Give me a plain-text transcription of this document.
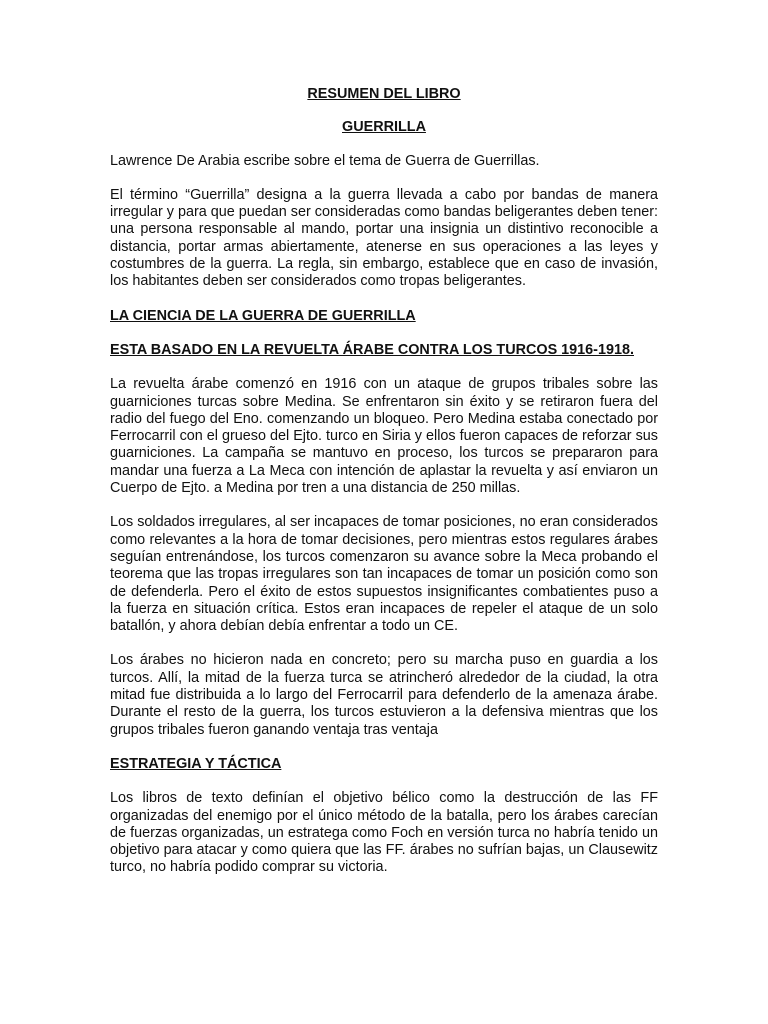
RESUMEN DEL LIBRO
GUERRILLA

Lawrence De Arabia escribe sobre el tema de Guerra de Guerrillas.

El término “Guerrilla” designa a la guerra llevada a cabo por bandas de manera irregular y para que puedan ser consideradas como bandas beligerantes deben tener: una persona responsable al mando, portar una insignia un distintivo reconocible a distancia, portar armas abiertamente, atenerse en sus operaciones a las leyes y costumbres de la guerra. La regla, sin embargo, establece que en caso de invasión, los habitantes deben ser considerados como tropas beligerantes.

LA CIENCIA DE LA GUERRA DE GUERRILLA
ESTA BASADO EN LA REVUELTA ÁRABE CONTRA LOS TURCOS 1916-1918.

La revuelta árabe comenzó en 1916 con un ataque de grupos tribales sobre las guarniciones turcas sobre Medina. Se enfrentaron sin éxito y se retiraron fuera del radio del fuego del Eno. comenzando un bloqueo. Pero Medina estaba conectado por Ferrocarril con el grueso del Ejto. turco en Siria y ellos fueron capaces de reforzar sus guarniciones. La campaña se mantuvo en proceso, los turcos se prepararon para mandar una fuerza a La Meca con intención de aplastar la revuelta y así enviaron un Cuerpo de Ejto. a Medina por tren a una distancia de 250 millas.

Los soldados irregulares, al ser incapaces de tomar posiciones, no eran considerados como relevantes a la hora de tomar decisiones, pero mientras estos regulares árabes seguían entrenándose, los turcos comenzaron su avance sobre la Meca probando el teorema que las tropas irregulares son tan incapaces de tomar un posición como son de defenderla. Pero el éxito de estos supuestos insignificantes combatientes puso a la fuerza en situación crítica. Estos eran incapaces de repeler el ataque de un solo batallón, y ahora debían debía enfrentar a todo un CE.

Los árabes no hicieron nada en concreto; pero su marcha puso en guardia a los turcos. Allí, la mitad de la fuerza turca se atrincheró alrededor de la ciudad, la otra mitad fue distribuida a lo largo del Ferrocarril para defenderlo de la amenaza árabe. Durante el resto de la guerra, los turcos estuvieron a la defensiva mientras que los grupos tribales fueron ganando ventaja tras ventaja

ESTRATEGIA Y TÁCTICA

Los libros de texto definían el objetivo bélico como la destrucción de las FF organizadas del enemigo por el único método de la batalla, pero los árabes carecían de fuerzas organizadas, un estratega como Foch en versión turca no habría tenido un objetivo para atacar y como quiera que las FF. árabes no sufrían bajas, un Clausewitz turco, no habría podido comprar su victoria.
